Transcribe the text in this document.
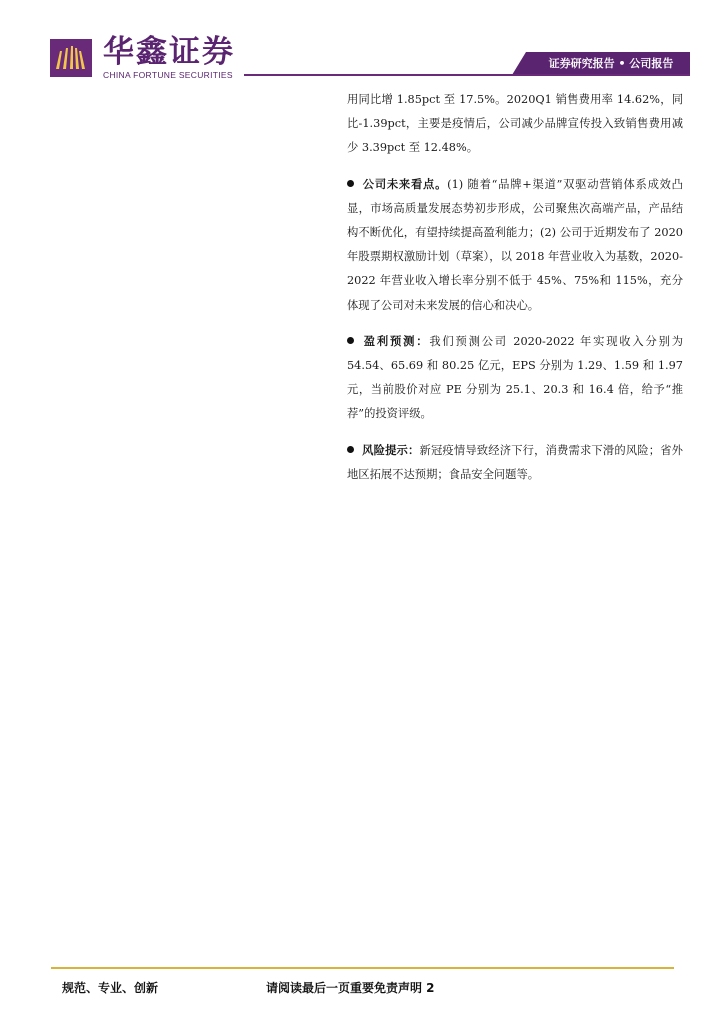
华鑫证券
CHINA FORTUNE SECURITIES
证券研究报告 • 公司报告

用同比增 1.85pct 至 17.5%。2020Q1 销售费用率 14.62%，同比-1.39pct，主要是疫情后，公司减少品牌宣传投入致销售费用减少 3.39pct 至 12.48%。

公司未来看点。(1) 随着“品牌+渠道”双驱动营销体系成效凸显，市场高质量发展态势初步形成，公司聚焦次高端产品，产品结构不断优化，有望持续提高盈利能力；(2) 公司于近期发布了 2020 年股票期权激励计划（草案），以 2018 年营业收入为基数，2020-2022 年营业收入增长率分别不低于 45%、75%和 115%，充分体现了公司对未来发展的信心和决心。

盈利预测：我们预测公司 2020-2022 年实现收入分别为 54.54、65.69 和 80.25 亿元，EPS 分别为 1.29、1.59 和 1.97 元，当前股价对应 PE 分别为 25.1、20.3 和 16.4 倍，给予“推荐”的投资评级。

风险提示：新冠疫情导致经济下行，消费需求下滑的风险；省外地区拓展不达预期；食品安全问题等。

规范、专业、创新	请阅读最后一页重要免责声明 2
